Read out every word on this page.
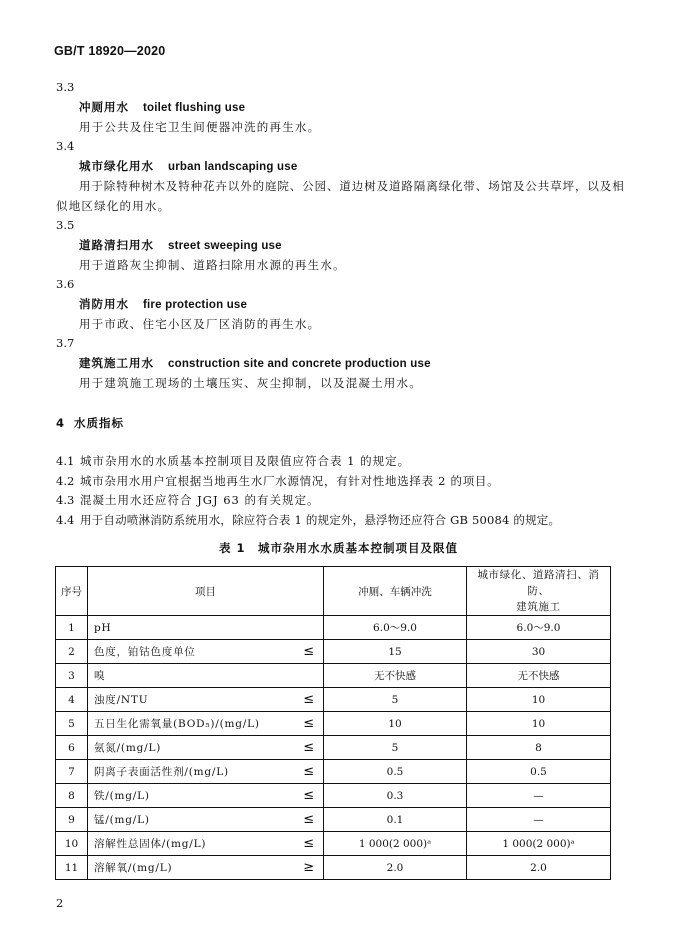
GB/T 18920—2020
3.3
冲厕用水 toilet flushing use
用于公共及住宅卫生间便器冲洗的再生水。
3.4
城市绿化用水 urban landscaping use
用于除特种树木及特种花卉以外的庭院、公园、道边树及道路隔离绿化带、场馆及公共草坪，以及相
似地区绿化的用水。
3.5
道路清扫用水 street sweeping use
用于道路灰尘抑制、道路扫除用水源的再生水。
3.6
消防用水 fire protection use
用于市政、住宅小区及厂区消防的再生水。
3.7
建筑施工用水 construction site and concrete production use
用于建筑施工现场的土壤压实、灰尘抑制，以及混凝土用水。
4 水质指标
4.1 城市杂用水的水质基本控制项目及限值应符合表 1 的规定。
4.2 城市杂用水用户宜根据当地再生水厂水源情况，有针对性地选择表 2 的项目。
4.3 混凝土用水还应符合 JGJ 63 的有关规定。
4.4 用于自动喷淋消防系统用水，除应符合表 1 的规定外，悬浮物还应符合 GB 50084 的规定。
表 1　城市杂用水水质基本控制项目及限值
序号	项目	冲厕、车辆冲洗	城市绿化、道路清扫、消防、
建筑施工

1	pH	6.0～9.0	6.0～9.0
2	色度，铂钴色度单位 ≤	15	30
3	嗅	无不快感	无不快感
4	浊度/NTU ≤	5	10
5	五日生化需氧量(BOD₅)/(mg/L) ≤	10	10
6	氨氮/(mg/L) ≤	5	8
7	阴离子表面活性剂/(mg/L) ≤	0.5	0.5
8	铁/(mg/L) ≤	0.3	—
9	锰/(mg/L) ≤	0.1	—
10	溶解性总固体/(mg/L) ≤	1 000(2 000)ᵃ	1 000(2 000)ᵃ
11	溶解氧/(mg/L) ≥	2.0	2.0
2
